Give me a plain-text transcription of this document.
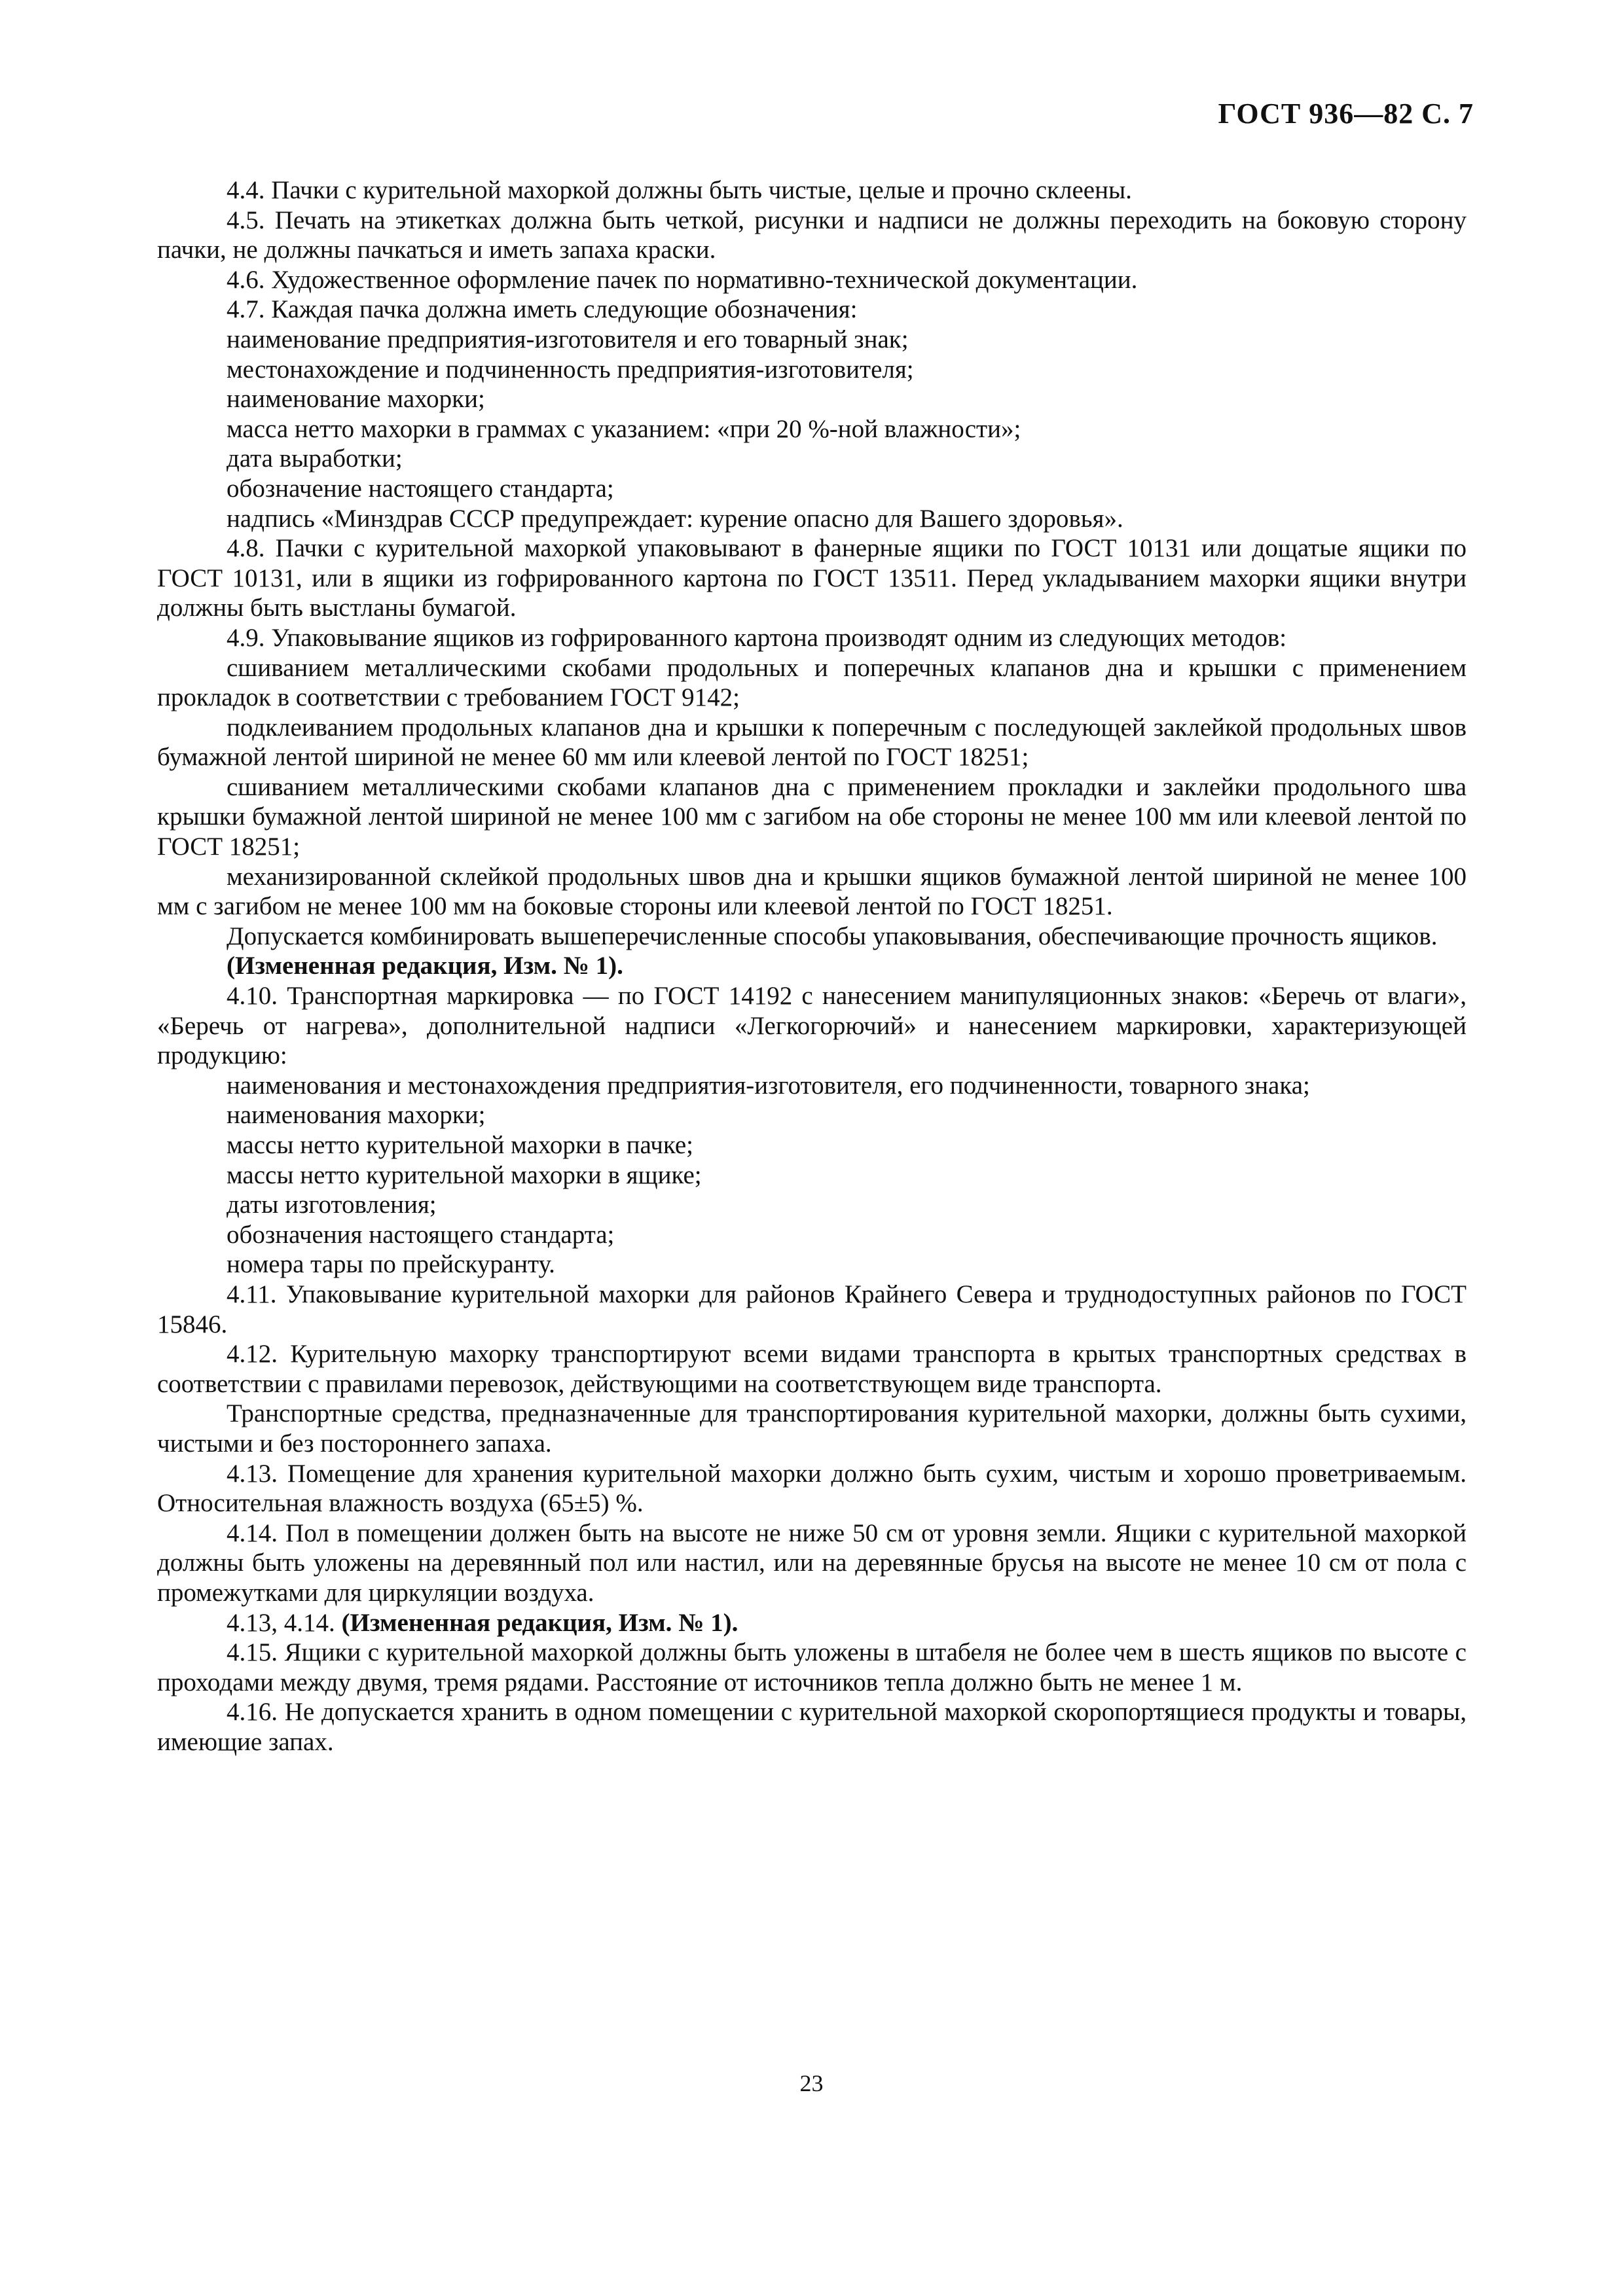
ГОСТ 936—82 С. 7

4.4. Пачки с курительной махоркой должны быть чистые, целые и прочно склеены.

4.5. Печать на этикетках должна быть четкой, рисунки и надписи не должны переходить на боковую сторону пачки, не должны пачкаться и иметь запаха краски.

4.6. Художественное оформление пачек по нормативно-технической документации.

4.7. Каждая пачка должна иметь следующие обозначения:

наименование предприятия-изготовителя и его товарный знак;

местонахождение и подчиненность предприятия-изготовителя;

наименование махорки;

масса нетто махорки в граммах с указанием: «при 20 %-ной влажности»;

дата выработки;

обозначение настоящего стандарта;

надпись «Минздрав СССР предупреждает: курение опасно для Вашего здоровья».

4.8. Пачки с курительной махоркой упаковывают в фанерные ящики по ГОСТ 10131 или дощатые ящики по ГОСТ 10131, или в ящики из гофрированного картона по ГОСТ 13511. Перед укладыванием махорки ящики внутри должны быть выстланы бумагой.

4.9. Упаковывание ящиков из гофрированного картона производят одним из следующих методов:

сшиванием металлическими скобами продольных и поперечных клапанов дна и крышки с применением прокладок в соответствии с требованием ГОСТ 9142;

подклеиванием продольных клапанов дна и крышки к поперечным с последующей заклейкой продольных швов бумажной лентой шириной не менее 60 мм или клеевой лентой по ГОСТ 18251;

сшиванием металлическими скобами клапанов дна с применением прокладки и заклейки продольного шва крышки бумажной лентой шириной не менее 100 мм с загибом на обе стороны не менее 100 мм или клеевой лентой по ГОСТ 18251;

механизированной склейкой продольных швов дна и крышки ящиков бумажной лентой шириной не менее 100 мм с загибом не менее 100 мм на боковые стороны или клеевой лентой по ГОСТ 18251.

Допускается комбинировать вышеперечисленные способы упаковывания, обеспечивающие прочность ящиков.

(Измененная редакция, Изм. № 1).

4.10. Транспортная маркировка — по ГОСТ 14192 с нанесением манипуляционных знаков: «Беречь от влаги», «Беречь от нагрева», дополнительной надписи «Легкогорючий» и нанесением маркировки, характеризующей продукцию:

наименования и местонахождения предприятия-изготовителя, его подчиненности, товарного знака;

наименования махорки;

массы нетто курительной махорки в пачке;

массы нетто курительной махорки в ящике;

даты изготовления;

обозначения настоящего стандарта;

номера тары по прейскуранту.

4.11. Упаковывание курительной махорки для районов Крайнего Севера и труднодоступных районов по ГОСТ 15846.

4.12. Курительную махорку транспортируют всеми видами транспорта в крытых транспортных средствах в соответствии с правилами перевозок, действующими на соответствующем виде транспорта.

Транспортные средства, предназначенные для транспортирования курительной махорки, должны быть сухими, чистыми и без постороннего запаха.

4.13. Помещение для хранения курительной махорки должно быть сухим, чистым и хорошо проветриваемым. Относительная влажность воздуха (65±5) %.

4.14. Пол в помещении должен быть на высоте не ниже 50 см от уровня земли. Ящики с курительной махоркой должны быть уложены на деревянный пол или настил, или на деревянные брусья на высоте не менее 10 см от пола с промежутками для циркуляции воздуха.

4.13, 4.14. (Измененная редакция, Изм. № 1).

4.15. Ящики с курительной махоркой должны быть уложены в штабеля не более чем в шесть ящиков по высоте с проходами между двумя, тремя рядами. Расстояние от источников тепла должно быть не менее 1 м.

4.16. Не допускается хранить в одном помещении с курительной махоркой скоропортящиеся продукты и товары, имеющие запах.

23
